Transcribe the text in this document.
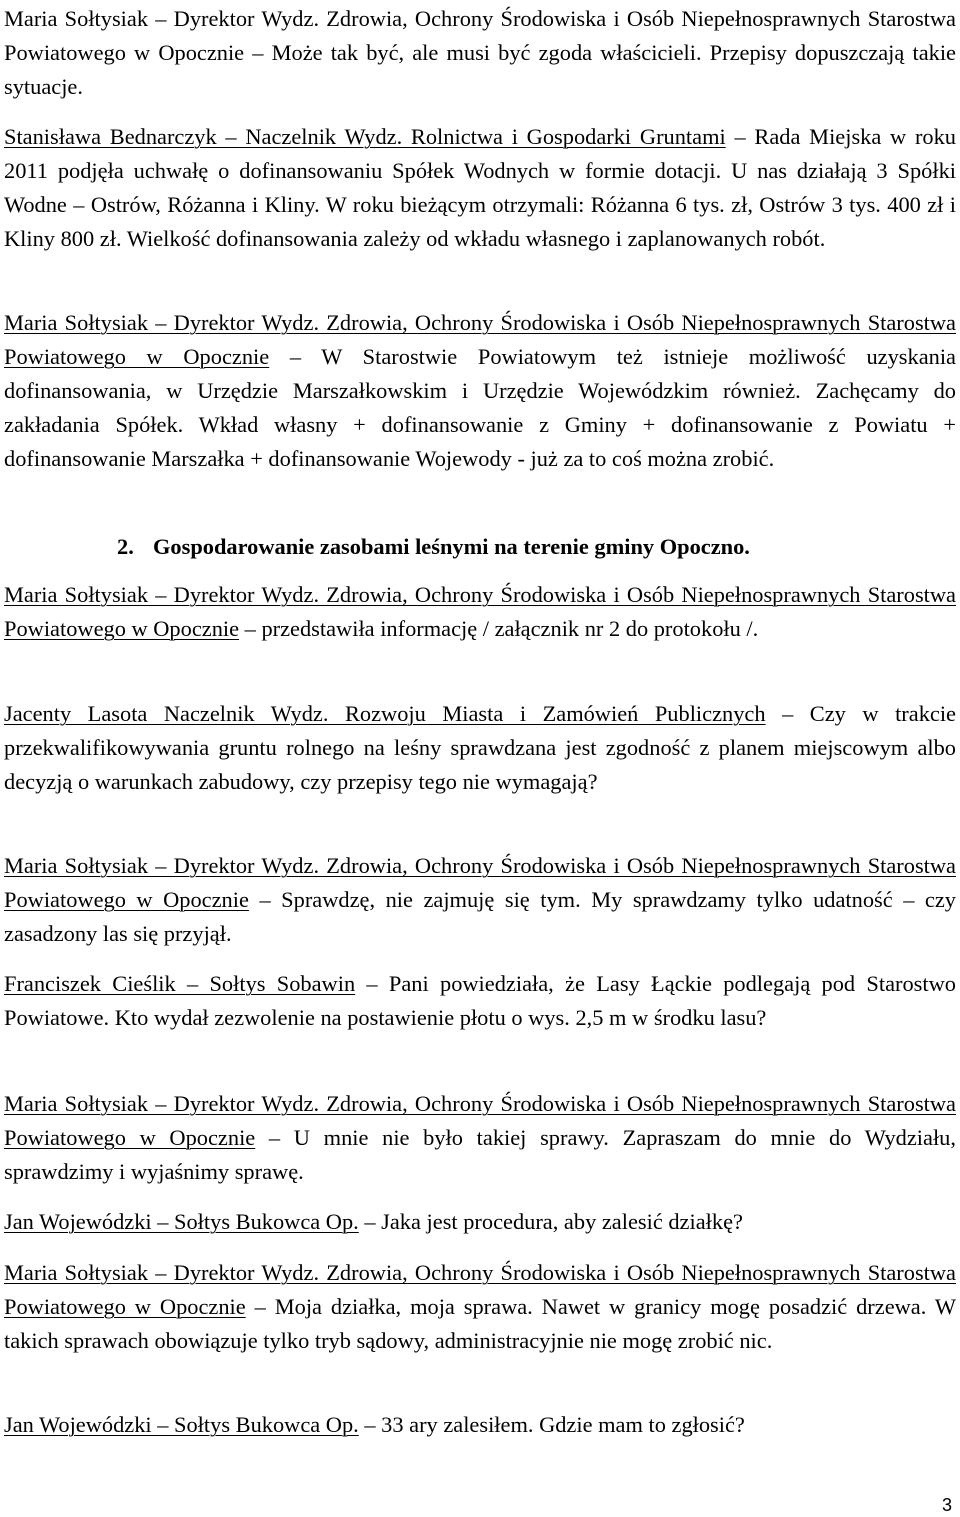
Maria Sołtysiak – Dyrektor Wydz. Zdrowia, Ochrony Środowiska i Osób Niepełnosprawnych Starostwa Powiatowego w Opocznie – Może tak być, ale musi być zgoda właścicieli. Przepisy dopuszczają takie sytuacje.

Stanisława Bednarczyk – Naczelnik Wydz. Rolnictwa i Gospodarki Gruntami – Rada Miejska w roku 2011 podjęła uchwałę o dofinansowaniu Spółek Wodnych w formie dotacji. U nas działają 3 Spółki Wodne – Ostrów, Różanna i Kliny. W roku bieżącym otrzymali: Różanna 6 tys. zł, Ostrów 3 tys. 400 zł i Kliny 800 zł. Wielkość dofinansowania zależy od wkładu własnego i zaplanowanych robót.

Maria Sołtysiak – Dyrektor Wydz. Zdrowia, Ochrony Środowiska i Osób Niepełnosprawnych Starostwa Powiatowego w Opocznie – W Starostwie Powiatowym też istnieje możliwość uzyskania dofinansowania, w Urzędzie Marszałkowskim i Urzędzie Wojewódzkim również. Zachęcamy do zakładania Spółek. Wkład własny + dofinansowanie z Gminy + dofinansowanie z Powiatu + dofinansowanie Marszałka + dofinansowanie Wojewody - już za to coś można zrobić.

2. Gospodarowanie zasobami leśnymi na terenie gminy Opoczno.

Maria Sołtysiak – Dyrektor Wydz. Zdrowia, Ochrony Środowiska i Osób Niepełnosprawnych Starostwa Powiatowego w Opocznie – przedstawiła informację / załącznik nr 2 do protokołu /.

Jacenty Lasota Naczelnik Wydz. Rozwoju Miasta i Zamówień Publicznych – Czy w trakcie przekwalifikowywania gruntu rolnego na leśny sprawdzana jest zgodność z planem miejscowym albo decyzją o warunkach zabudowy, czy przepisy tego nie wymagają?

Maria Sołtysiak – Dyrektor Wydz. Zdrowia, Ochrony Środowiska i Osób Niepełnosprawnych Starostwa Powiatowego w Opocznie – Sprawdzę, nie zajmuję się tym. My sprawdzamy tylko udatność – czy zasadzony las się przyjął.

Franciszek Cieślik – Sołtys Sobawin – Pani powiedziała, że Lasy Łąckie podlegają pod Starostwo Powiatowe. Kto wydał zezwolenie na postawienie płotu o wys. 2,5 m w środku lasu?

Maria Sołtysiak – Dyrektor Wydz. Zdrowia, Ochrony Środowiska i Osób Niepełnosprawnych Starostwa Powiatowego w Opocznie – U mnie nie było takiej sprawy. Zapraszam do mnie do Wydziału, sprawdzimy i wyjaśnimy sprawę.

Jan Wojewódzki – Sołtys Bukowca Op. – Jaka jest procedura, aby zalesić działkę?

Maria Sołtysiak – Dyrektor Wydz. Zdrowia, Ochrony Środowiska i Osób Niepełnosprawnych Starostwa Powiatowego w Opocznie – Moja działka, moja sprawa. Nawet w granicy mogę posadzić drzewa. W takich sprawach obowiązuje tylko tryb sądowy, administracyjnie nie mogę zrobić nic.

Jan Wojewódzki – Sołtys Bukowca Op. – 33 ary zalesiłem. Gdzie mam to zgłosić?

3
